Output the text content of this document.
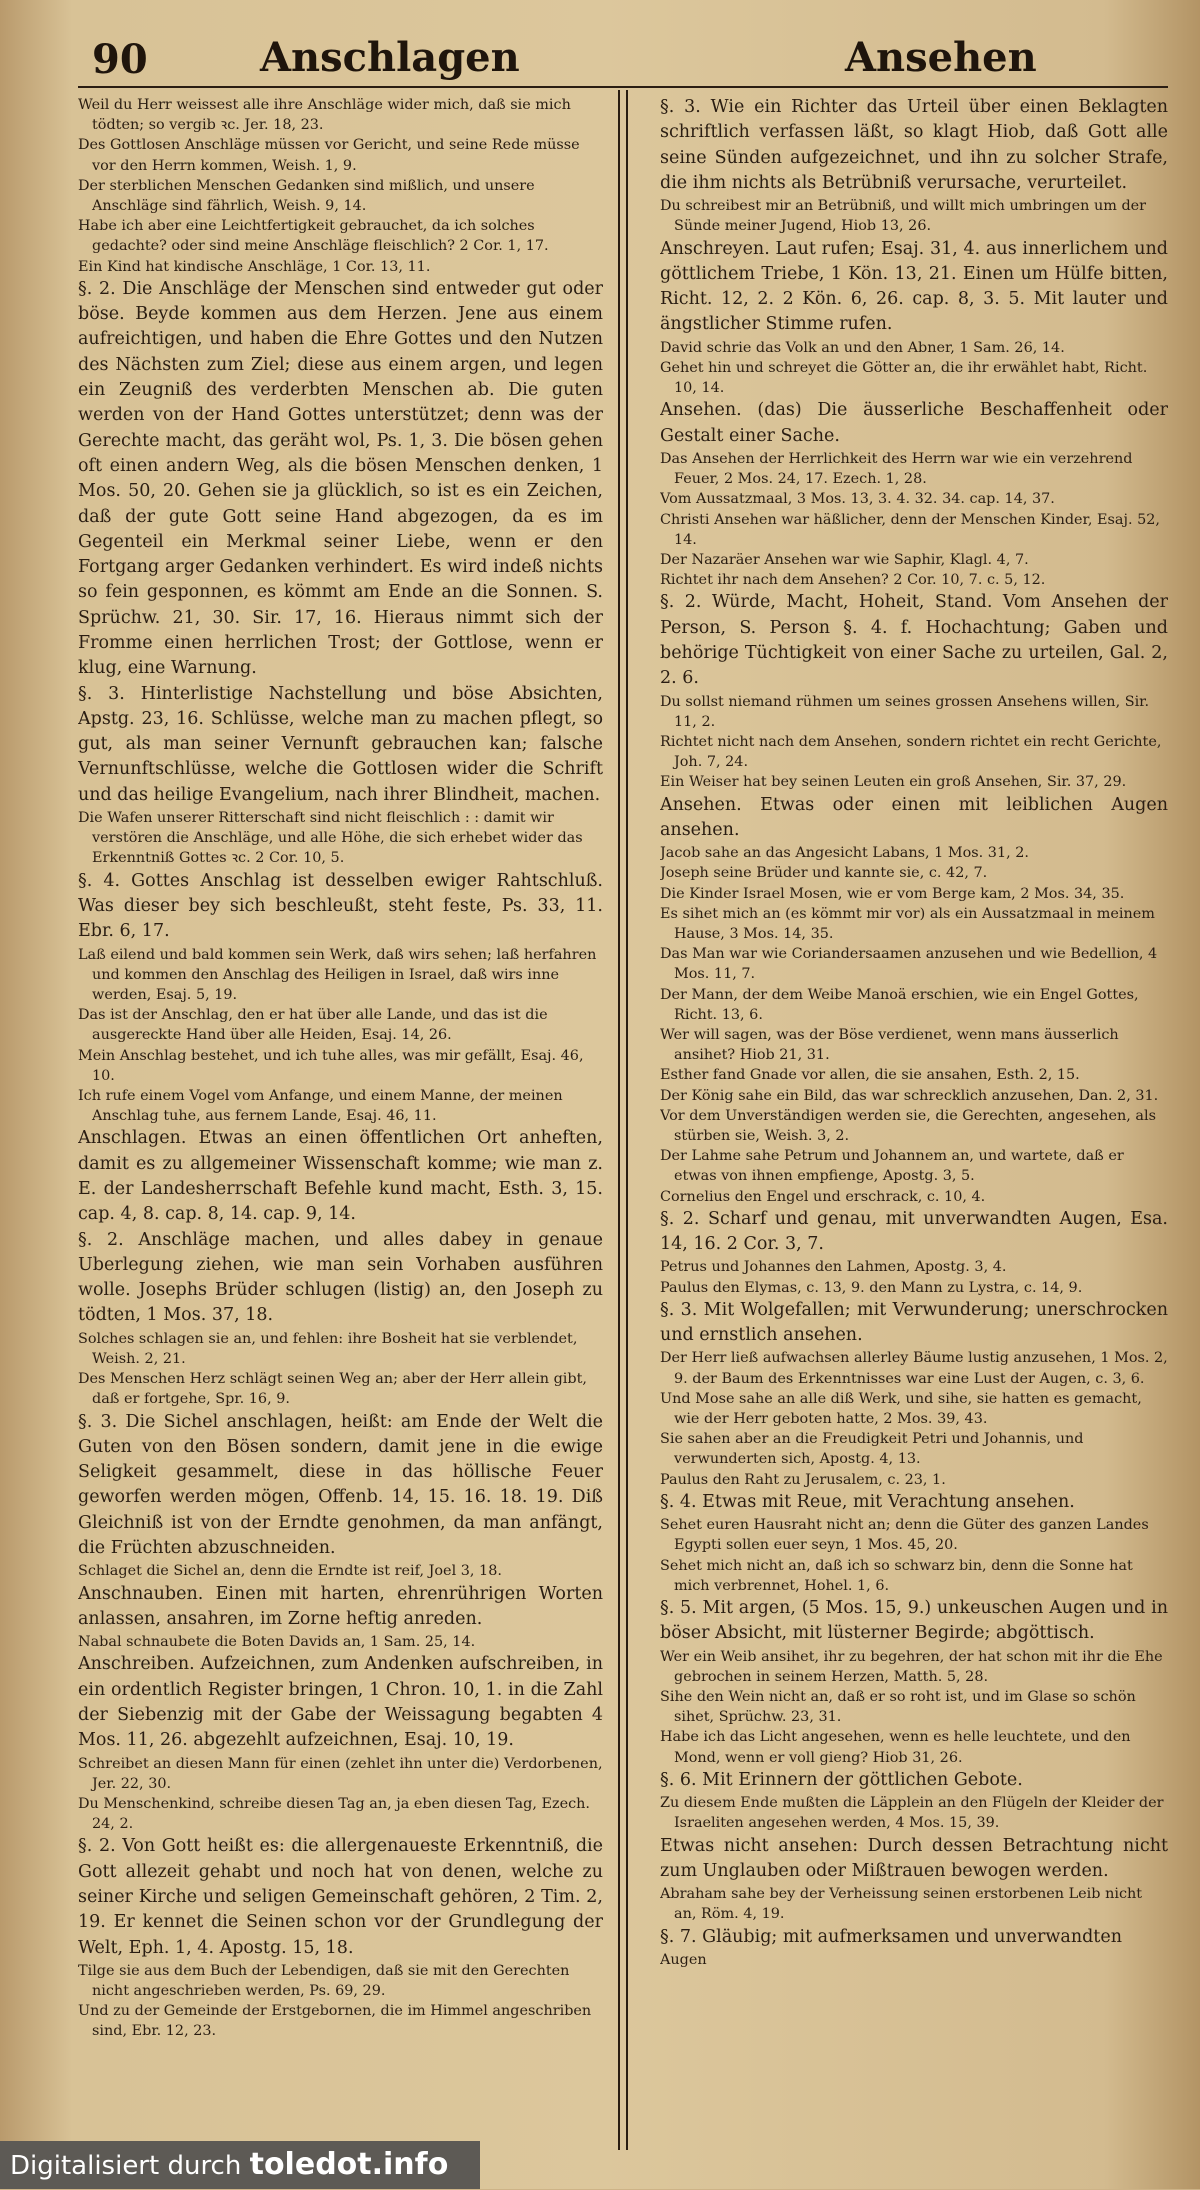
90	Anschlagen	Ansehen

Weil du Herr weissest alle ihre Anschläge wider mich, daß sie mich tödten; so vergib ꝛc. Jer. 18, 23.

Des Gottlosen Anschläge müssen vor Gericht, und seine Rede müsse vor den Herrn kommen, Weish. 1, 9.

Der sterblichen Menschen Gedanken sind mißlich, und unsere Anschläge sind fährlich, Weish. 9, 14.

Habe ich aber eine Leichtfertigkeit gebrauchet, da ich solches gedachte? oder sind meine Anschläge fleischlich? 2 Cor. 1, 17.

Ein Kind hat kindische Anschläge, 1 Cor. 13, 11.

§. 2. Die Anschläge der Menschen sind entweder gut oder böse. Beyde kommen aus dem Herzen. Jene aus einem aufreichtigen, und haben die Ehre Gottes und den Nutzen des Nächsten zum Ziel; diese aus einem argen, und legen ein Zeugniß des verderbten Menschen ab. Die guten werden von der Hand Gottes unterstützet; denn was der Gerechte macht, das geräht wol, Ps. 1, 3. Die bösen gehen oft einen andern Weg, als die bösen Menschen denken, 1 Mos. 50, 20. Gehen sie ja glücklich, so ist es ein Zeichen, daß der gute Gott seine Hand abgezogen, da es im Gegenteil ein Merkmal seiner Liebe, wenn er den Fortgang arger Gedanken verhindert. Es wird indeß nichts so fein gesponnen, es kömmt am Ende an die Sonnen. S. Sprüchw. 21, 30. Sir. 17, 16. Hieraus nimmt sich der Fromme einen herrlichen Trost; der Gottlose, wenn er klug, eine Warnung.

§. 3. Hinterlistige Nachstellung und böse Absichten, Apstg. 23, 16. Schlüsse, welche man zu machen pflegt, so gut, als man seiner Vernunft gebrauchen kan; falsche Vernunftschlüsse, welche die Gottlosen wider die Schrift und das heilige Evangelium, nach ihrer Blindheit, machen.

Die Wafen unserer Ritterschaft sind nicht fleischlich : : damit wir verstören die Anschläge, und alle Höhe, die sich erhebet wider das Erkenntniß Gottes ꝛc. 2 Cor. 10, 5.

§. 4. Gottes Anschlag ist desselben ewiger Rahtschluß. Was dieser bey sich beschleußt, steht feste, Ps. 33, 11. Ebr. 6, 17.

Laß eilend und bald kommen sein Werk, daß wirs sehen; laß herfahren und kommen den Anschlag des Heiligen in Israel, daß wirs inne werden, Esaj. 5, 19.

Das ist der Anschlag, den er hat über alle Lande, und das ist die ausgereckte Hand über alle Heiden, Esaj. 14, 26.

Mein Anschlag bestehet, und ich tuhe alles, was mir gefällt, Esaj. 46, 10.

Ich rufe einem Vogel vom Anfange, und einem Manne, der meinen Anschlag tuhe, aus fernem Lande, Esaj. 46, 11.

Anschlagen. Etwas an einen öffentlichen Ort anheften, damit es zu allgemeiner Wissenschaft komme; wie man z. E. der Landesherrschaft Befehle kund macht, Esth. 3, 15. cap. 4, 8. cap. 8, 14. cap. 9, 14.

§. 2. Anschläge machen, und alles dabey in genaue Uberlegung ziehen, wie man sein Vorhaben ausführen wolle. Josephs Brüder schlugen (listig) an, den Joseph zu tödten, 1 Mos. 37, 18.

Solches schlagen sie an, und fehlen: ihre Bosheit hat sie verblendet, Weish. 2, 21.

Des Menschen Herz schlägt seinen Weg an; aber der Herr allein gibt, daß er fortgehe, Spr. 16, 9.

§. 3. Die Sichel anschlagen, heißt: am Ende der Welt die Guten von den Bösen sondern, damit jene in die ewige Seligkeit gesammelt, diese in das höllische Feuer geworfen werden mögen, Offenb. 14, 15. 16. 18. 19. Diß Gleichniß ist von der Erndte genohmen, da man anfängt, die Früchten abzuschneiden.

Schlaget die Sichel an, denn die Erndte ist reif, Joel 3, 18.

Anschnauben. Einen mit harten, ehrenrührigen Worten anlassen, ansahren, im Zorne heftig anreden.

Nabal schnaubete die Boten Davids an, 1 Sam. 25, 14.

Anschreiben. Aufzeichnen, zum Andenken aufschreiben, in ein ordentlich Register bringen, 1 Chron. 10, 1. in die Zahl der Siebenzig mit der Gabe der Weissagung begabten 4 Mos. 11, 26. abgezehlt aufzeichnen, Esaj. 10, 19.

Schreibet an diesen Mann für einen (zehlet ihn unter die) Verdorbenen, Jer. 22, 30.

Du Menschenkind, schreibe diesen Tag an, ja eben diesen Tag, Ezech. 24, 2.

§. 2. Von Gott heißt es: die allergenaueste Erkenntniß, die Gott allezeit gehabt und noch hat von denen, welche zu seiner Kirche und seligen Gemeinschaft gehören, 2 Tim. 2, 19. Er kennet die Seinen schon vor der Grundlegung der Welt, Eph. 1, 4. Apostg. 15, 18.

Tilge sie aus dem Buch der Lebendigen, daß sie mit den Gerechten nicht angeschrieben werden, Ps. 69, 29.

Und zu der Gemeinde der Erstgebornen, die im Himmel angeschriben sind, Ebr. 12, 23.

§. 3. Wie ein Richter das Urteil über einen Beklagten schriftlich verfassen läßt, so klagt Hiob, daß Gott alle seine Sünden aufgezeichnet, und ihn zu solcher Strafe, die ihm nichts als Betrübniß verursache, verurteilet.

Du schreibest mir an Betrübniß, und willt mich umbringen um der Sünde meiner Jugend, Hiob 13, 26.

Anschreyen. Laut rufen; Esaj. 31, 4. aus innerlichem und göttlichem Triebe, 1 Kön. 13, 21. Einen um Hülfe bitten, Richt. 12, 2. 2 Kön. 6, 26. cap. 8, 3. 5. Mit lauter und ängstlicher Stimme rufen.

David schrie das Volk an und den Abner, 1 Sam. 26, 14.

Gehet hin und schreyet die Götter an, die ihr erwählet habt, Richt. 10, 14.

Ansehen. (das) Die äusserliche Beschaffenheit oder Gestalt einer Sache.

Das Ansehen der Herrlichkeit des Herrn war wie ein verzehrend Feuer, 2 Mos. 24, 17. Ezech. 1, 28.

Vom Aussatzmaal, 3 Mos. 13, 3. 4. 32. 34. cap. 14, 37.

Christi Ansehen war häßlicher, denn der Menschen Kinder, Esaj. 52, 14.

Der Nazaräer Ansehen war wie Saphir, Klagl. 4, 7.

Richtet ihr nach dem Ansehen? 2 Cor. 10, 7. c. 5, 12.

§. 2. Würde, Macht, Hoheit, Stand. Vom Ansehen der Person, S. Person §. 4. f. Hochachtung; Gaben und behörige Tüchtigkeit von einer Sache zu urteilen, Gal. 2, 2. 6.

Du sollst niemand rühmen um seines grossen Ansehens willen, Sir. 11, 2.

Richtet nicht nach dem Ansehen, sondern richtet ein recht Gerichte, Joh. 7, 24.

Ein Weiser hat bey seinen Leuten ein groß Ansehen, Sir. 37, 29.

Ansehen. Etwas oder einen mit leiblichen Augen ansehen.

Jacob sahe an das Angesicht Labans, 1 Mos. 31, 2.

Joseph seine Brüder und kannte sie, c. 42, 7.

Die Kinder Israel Mosen, wie er vom Berge kam, 2 Mos. 34, 35.

Es sihet mich an (es kömmt mir vor) als ein Aussatzmaal in meinem Hause, 3 Mos. 14, 35.

Das Man war wie Coriandersaamen anzusehen und wie Bedellion, 4 Mos. 11, 7.

Der Mann, der dem Weibe Manoä erschien, wie ein Engel Gottes, Richt. 13, 6.

Wer will sagen, was der Böse verdienet, wenn mans äusserlich ansihet? Hiob 21, 31.

Esther fand Gnade vor allen, die sie ansahen, Esth. 2, 15.

Der König sahe ein Bild, das war schrecklich anzusehen, Dan. 2, 31.

Vor dem Unverständigen werden sie, die Gerechten, angesehen, als stürben sie, Weish. 3, 2.

Der Lahme sahe Petrum und Johannem an, und wartete, daß er etwas von ihnen empfienge, Apostg. 3, 5.

Cornelius den Engel und erschrack, c. 10, 4.

§. 2. Scharf und genau, mit unverwandten Augen, Esa. 14, 16. 2 Cor. 3, 7.

Petrus und Johannes den Lahmen, Apostg. 3, 4.

Paulus den Elymas, c. 13, 9. den Mann zu Lystra, c. 14, 9.

§. 3. Mit Wolgefallen; mit Verwunderung; unerschrocken und ernstlich ansehen.

Der Herr ließ aufwachsen allerley Bäume lustig anzusehen, 1 Mos. 2, 9. der Baum des Erkenntnisses war eine Lust der Augen, c. 3, 6.

Und Mose sahe an alle diß Werk, und sihe, sie hatten es gemacht, wie der Herr geboten hatte, 2 Mos. 39, 43.

Sie sahen aber an die Freudigkeit Petri und Johannis, und verwunderten sich, Apostg. 4, 13.

Paulus den Raht zu Jerusalem, c. 23, 1.

§. 4. Etwas mit Reue, mit Verachtung ansehen.

Sehet euren Hausraht nicht an; denn die Güter des ganzen Landes Egypti sollen euer seyn, 1 Mos. 45, 20.

Sehet mich nicht an, daß ich so schwarz bin, denn die Sonne hat mich verbrennet, Hohel. 1, 6.

§. 5. Mit argen, (5 Mos. 15, 9.) unkeuschen Augen und in böser Absicht, mit lüsterner Begirde; abgöttisch.

Wer ein Weib ansihet, ihr zu begehren, der hat schon mit ihr die Ehe gebrochen in seinem Herzen, Matth. 5, 28.

Sihe den Wein nicht an, daß er so roht ist, und im Glase so schön sihet, Sprüchw. 23, 31.

Habe ich das Licht angesehen, wenn es helle leuchtete, und den Mond, wenn er voll gieng? Hiob 31, 26.

§. 6. Mit Erinnern der göttlichen Gebote.

Zu diesem Ende mußten die Läpplein an den Flügeln der Kleider der Israeliten angesehen werden, 4 Mos. 15, 39.

Etwas nicht ansehen: Durch dessen Betrachtung nicht zum Unglauben oder Mißtrauen bewogen werden.

Abraham sahe bey der Verheissung seinen erstorbenen Leib nicht an, Röm. 4, 19.

§. 7. Gläubig; mit aufmerksamen und unverwandten

Augen

Digitalisiert durch toledot.info
